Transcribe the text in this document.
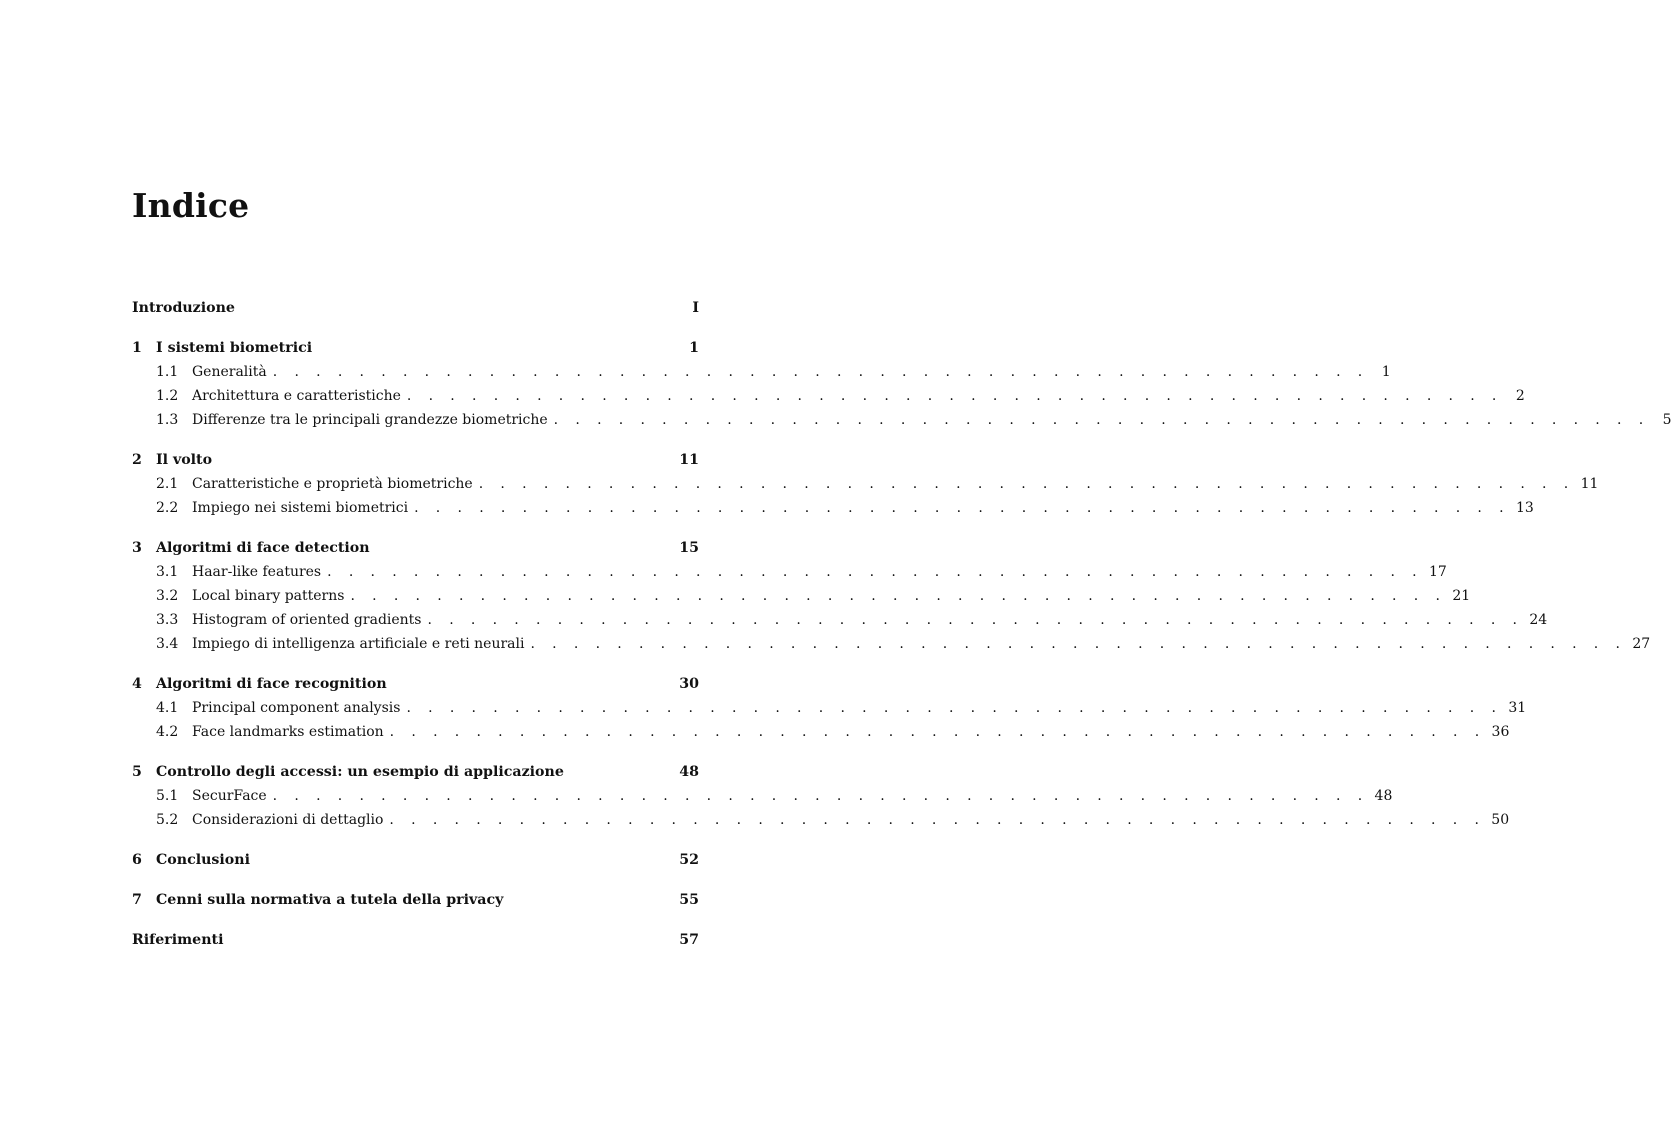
Indice
Introduzione	I
1 I sistemi biometrici	1
1.1 Generalità . . . . . . . . . . . . . . . . . . . . . . . . . . . . . . . . . . . . . . . . . . . . . . . . . . . 1
1.2 Architettura e caratteristiche . . . . . . . . . . . . . . . . . . . . . . . . . . . . . . . . . . . . . . . . . . . . . . . . . . . 2
1.3 Differenze tra le principali grandezze biometriche . . . . . . . . . . . . . . . . . . . . . . . . . . . . . . . . . . . . . . . . . . . . . . . . . . . 5
2 Il volto	11
2.1 Caratteristiche e proprietà biometriche . . . . . . . . . . . . . . . . . . . . . . . . . . . . . . . . . . . . . . . . . . . . . . . . . . . 11
2.2 Impiego nei sistemi biometrici . . . . . . . . . . . . . . . . . . . . . . . . . . . . . . . . . . . . . . . . . . . . . . . . . . . 13
3 Algoritmi di face detection	15
3.1 Haar-like features . . . . . . . . . . . . . . . . . . . . . . . . . . . . . . . . . . . . . . . . . . . . . . . . . . . 17
3.2 Local binary patterns . . . . . . . . . . . . . . . . . . . . . . . . . . . . . . . . . . . . . . . . . . . . . . . . . . . 21
3.3 Histogram of oriented gradients . . . . . . . . . . . . . . . . . . . . . . . . . . . . . . . . . . . . . . . . . . . . . . . . . . . 24
3.4 Impiego di intelligenza artificiale e reti neurali . . . . . . . . . . . . . . . . . . . . . . . . . . . . . . . . . . . . . . . . . . . . . . . . . . . 27
4 Algoritmi di face recognition	30
4.1 Principal component analysis . . . . . . . . . . . . . . . . . . . . . . . . . . . . . . . . . . . . . . . . . . . . . . . . . . . 31
4.2 Face landmarks estimation . . . . . . . . . . . . . . . . . . . . . . . . . . . . . . . . . . . . . . . . . . . . . . . . . . . 36
5 Controllo degli accessi: un esempio di applicazione	48
5.1 SecurFace . . . . . . . . . . . . . . . . . . . . . . . . . . . . . . . . . . . . . . . . . . . . . . . . . . . 48
5.2 Considerazioni di dettaglio . . . . . . . . . . . . . . . . . . . . . . . . . . . . . . . . . . . . . . . . . . . . . . . . . . . 50
6 Conclusioni	52
7 Cenni sulla normativa a tutela della privacy	55
Riferimenti	57
